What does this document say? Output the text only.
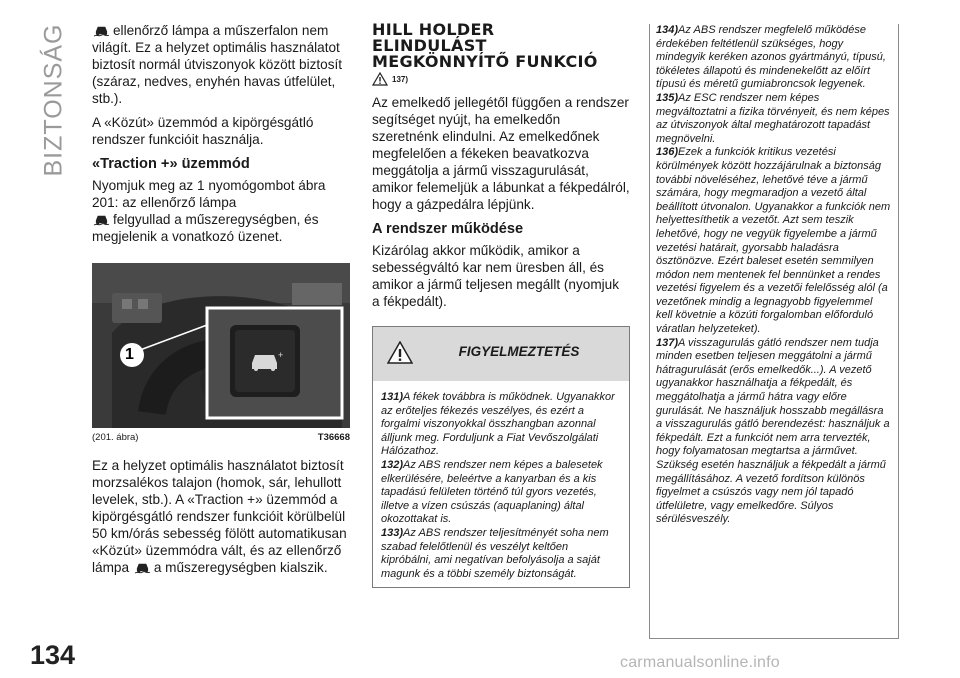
BIZTONSÁG	ellenőrző lámpa a műszerfalon nem világít. Ez a helyzet optimális használatot biztosít normál útviszonyok között biztosít (száraz, nedves, enyhén havas útfelület, stb.).

A «Közút» üzemmód a kipörgésgátló rendszer funkcióit használja.

«Traction +» üzemmód

Nyomjuk meg az 1 nyomógombot ábra 201: az ellenőrző lámpa
felgyullad a műszeregységben, és megjelenik a vonatkozó üzenet.

+
1
(201. ábra)	T36668

Ez a helyzet optimális használatot biztosít morzsalékos talajon (homok, sár, lehullott levelek, stb.). A «Traction +» üzemmód a kipörgésgátló rendszer funkcióit körülbelül 50 km/órás sebesség fölött automatikusan «Közút» üzemmódra vált, és az ellenőrző lámpa a műszeregységben kialszik.

HILL HOLDER

ELINDULÁST

MEGKÖNNYÍTŐ FUNKCIÓ

137)

Az emelkedő jellegétől függően a rendszer segítséget nyújt, ha emelkedőn szeretnénk elindulni. Az emelkedőnek megfelelően a fékeken beavatkozva meggátolja a jármű visszagurulását, amikor felemeljük a lábunkat a fékpedálról, hogy a gázpedálra lépjünk.

A rendszer működése

Kizárólag akkor működik, amikor a sebességváltó kar nem üresben áll, és amikor a jármű teljesen megállt (nyomjuk a fékpedált).

FIGYELMEZTETÉS

131)A fékek továbbra is működnek. Ugyanakkor az erőteljes fékezés veszélyes, és ezért a forgalmi viszonyokkal összhangban azonnal álljunk meg. Forduljunk a Fiat Vevőszolgálati Hálózathoz.

132)Az ABS rendszer nem képes a balesetek elkerülésére, beleértve a kanyarban és a kis tapadású felületen történő túl gyors vezetés, illetve a vízen csúszás (aquaplaning) által okozottakat is.

133)Az ABS rendszer teljesítményét soha nem szabad felelőtlenül és veszélyt keltően kipróbálni, ami negatívan befolyásolja a saját magunk és a többi személy biztonságát.

134)Az ABS rendszer megfelelő működése érdekében feltétlenül szükséges, hogy mindegyik keréken azonos gyártmányú, típusú, tökéletes állapotú és mindenekelőtt az előírt típusú és méretű gumiabroncsok legyenek.

135)Az ESC rendszer nem képes megváltoztatni a fizika törvényeit, és nem képes az útviszonyok által meghatározott tapadást megnövelni.

136)Ezek a funkciók kritikus vezetési körülmények között hozzájárulnak a biztonság további növeléséhez, lehetővé téve a jármű számára, hogy megmaradjon a vezető által beállított útvonalon. Ugyanakkor a funkciók nem helyettesíthetik a vezetőt. Azt sem teszik lehetővé, hogy ne vegyük figyelembe a jármű vezetési határait, gyorsabb haladásra ösztönözve. Ezért baleset esetén semmilyen módon nem mentenek fel bennünket a rendes vezetési figyelem és a vezetői felelősség alól (a vezetőnek mindig a legnagyobb figyelemmel kell követnie a közúti forgalomban előforduló váratlan helyzeteket).

137)A visszagurulás gátló rendszer nem tudja minden esetben teljesen meggátolni a jármű hátragurulását (erős emelkedők...). A vezető ugyanakkor használhatja a fékpedált, és meggátolhatja a jármű hátra vagy előre gurulását. Ne használjuk hosszabb megállásra a visszagurulás gátló berendezést: használjuk a fékpedált. Ezt a funkciót nem arra tervezték, hogy folyamatosan megtartsa a járművet. Szükség esetén használjuk a fékpedált a jármű megállításához. A vezető fordítson különös figyelmet a csúszós vagy nem jól tapadó útfelületre, vagy emelkedőre. Súlyos sérülésveszély.

134	carmanualsonline.info
